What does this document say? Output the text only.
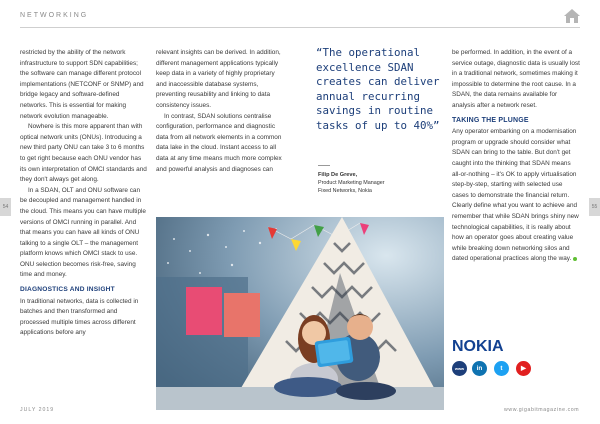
NETWORKING

restricted by the ability of the network infrastructure to support SDN capabilities; the software can manage different protocol implementations (NETCONF or SNMP) and bridge legacy and software-defined networks. This is essential for making network evolution manageable.

Nowhere is this more apparent than with optical network units (ONUs). Introducing a new third party ONU can take 3 to 6 months to get right because each ONU vendor has its own interpretation of OMCI standards and they don't always get along.

In a SDAN, OLT and ONU software can be decoupled and management handled in the cloud. This means you can have multiple versions of OMCI running in parallel. And that means you can have all kinds of ONU talking to a single OLT – the management platform knows which OMCI stack to use. ONU selection becomes risk-free, saving time and money.

DIAGNOSTICS AND INSIGHT

In traditional networks, data is collected in batches and then transformed and processed multiple times across different applications before any

relevant insights can be derived. In addition, different management applications typically keep data in a variety of highly proprietary and inaccessible database systems, preventing reusability and linking to data consistency issues.

In contrast, SDAN solutions centralise configuration, performance and diagnostic data from all network elements in a common data lake in the cloud. Instant access to all data at any time means much more complex and powerful analysis and diagnoses can

“The operational excellence SDAN creates can deliver annual recurring savings in routine tasks of up to 40%”
Filip De Greve,
Product Marketing Manager
Fixed Networks, Nokia

be performed. In addition, in the event of a service outage, diagnostic data is usually lost in a traditional network, sometimes making it impossible to determine the root cause. In a SDAN, the data remains available for analysis after a network reset.

TAKING THE PLUNGE

Any operator embarking on a modernisation program or upgrade should consider what SDAN can bring to the table. But don't get caught into the thinking that SDAN means all-or-nothing – it's OK to apply virtualisation step-by-step, starting with selected use cases to demonstrate the financial return. Clearly define what you want to achieve and remember that while SDAN brings shiny new technological capabilities, it is really about how an operator goes about creating value while breaking down networking silos and dated operational practices along the way.

54	55
NOKIA
www	in	t	▶
JULY 2019	www.gigabitmagazine.com
